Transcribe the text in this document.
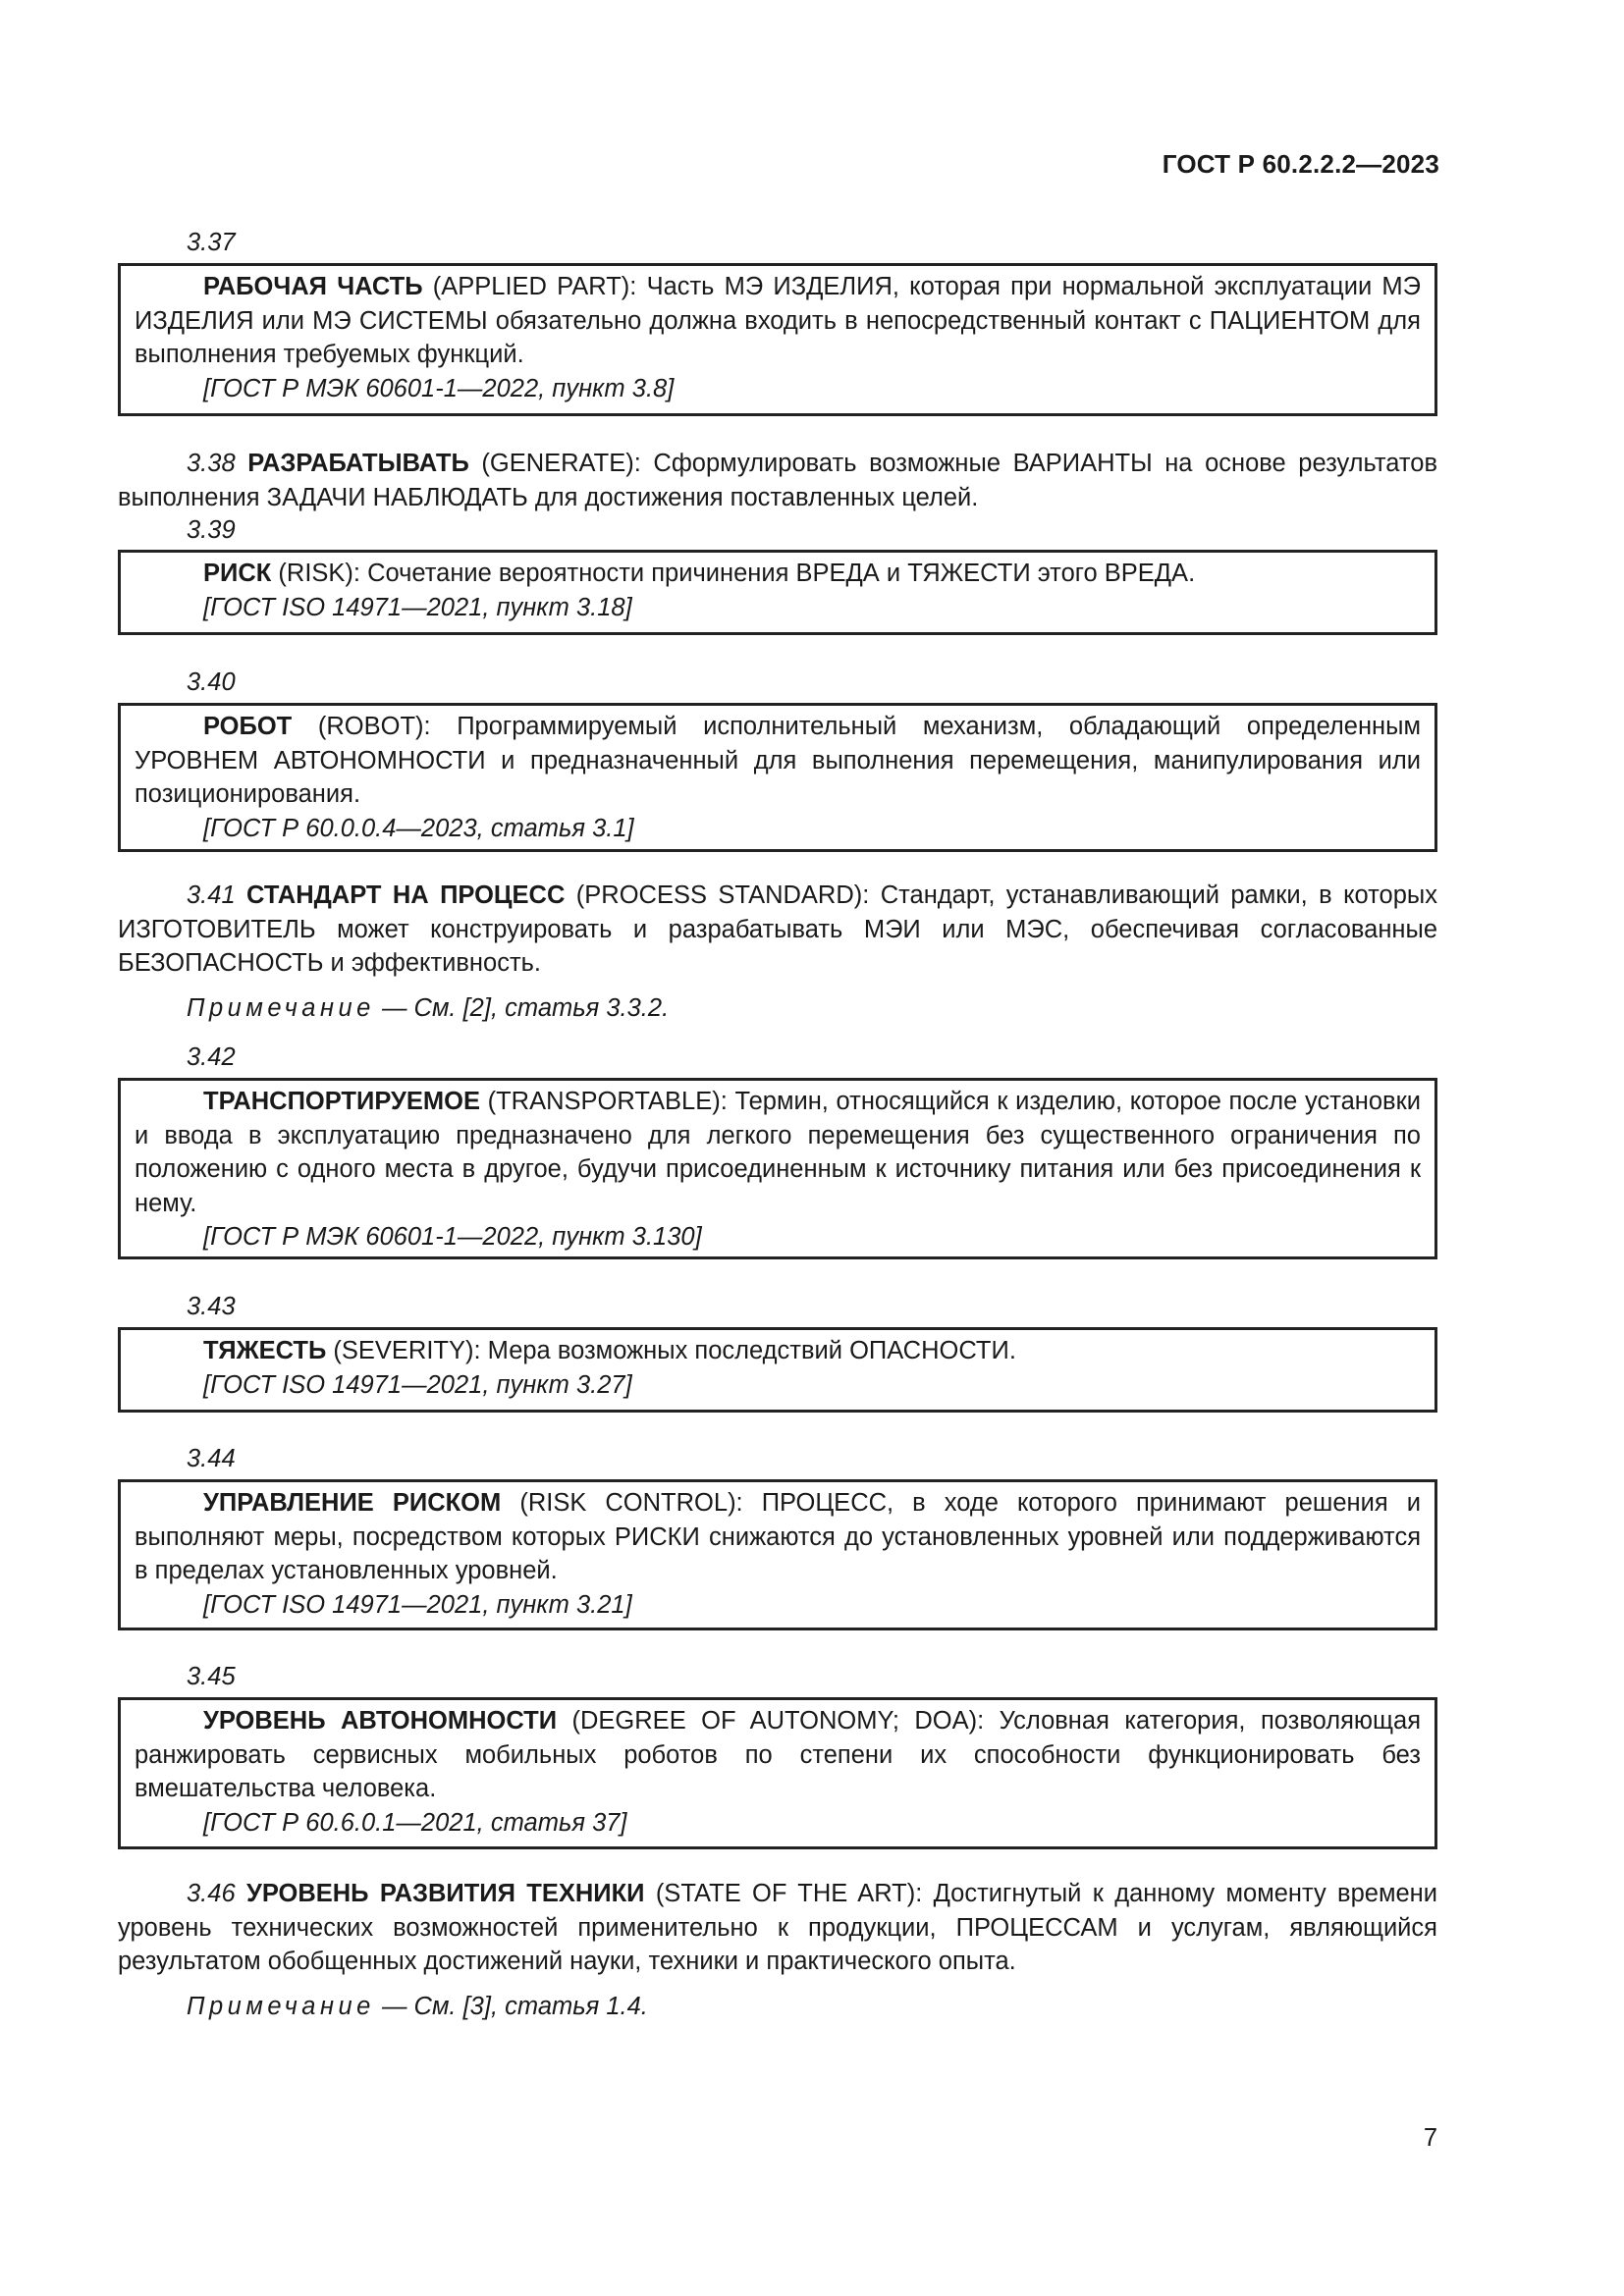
ГОСТ Р 60.2.2.2—2023
3.37

РАБОЧАЯ ЧАСТЬ (APPLIED PART): Часть МЭ ИЗДЕЛИЯ, которая при нормальной эксплуатации МЭ ИЗДЕЛИЯ или МЭ СИСТЕМЫ обязательно должна входить в непосредственный контакт с ПАЦИЕНТОМ для выполнения требуемых функций.

[ГОСТ Р МЭК 60601-1—2022, пункт 3.8]

3.38 РАЗРАБАТЫВАТЬ (GENERATE): Сформулировать возможные ВАРИАНТЫ на основе результатов выполнения ЗАДАЧИ НАБЛЮДАТЬ для достижения поставленных целей.

3.39

РИСК (RISK): Сочетание вероятности причинения ВРЕДА и ТЯЖЕСТИ этого ВРЕДА.

[ГОСТ ISO 14971—2021, пункт 3.18]

3.40

РОБОТ (ROBOT): Программируемый исполнительный механизм, обладающий определенным УРОВНЕМ АВТОНОМНОСТИ и предназначенный для выполнения перемещения, манипулирования или позиционирования.

[ГОСТ Р 60.0.0.4—2023, статья 3.1]

3.41 СТАНДАРТ НА ПРОЦЕСС (PROCESS STANDARD): Стандарт, устанавливающий рамки, в которых ИЗГОТОВИТЕЛЬ может конструировать и разрабатывать МЭИ или МЭС, обеспечивая согласованные БЕЗОПАСНОСТЬ и эффективность.

Примечание — См. [2], статья 3.3.2.
3.42

ТРАНСПОРТИРУЕМОЕ (TRANSPORTABLE): Термин, относящийся к изделию, которое после установки и ввода в эксплуатацию предназначено для легкого перемещения без существенного ограничения по положению с одного места в другое, будучи присоединенным к источнику питания или без присоединения к нему.

[ГОСТ Р МЭК 60601-1—2022, пункт 3.130]

3.43

ТЯЖЕСТЬ (SEVERITY): Мера возможных последствий ОПАСНОСТИ.

[ГОСТ ISO 14971—2021, пункт 3.27]

3.44

УПРАВЛЕНИЕ РИСКОМ (RISK CONTROL): ПРОЦЕСС, в ходе которого принимают решения и выполняют меры, посредством которых РИСКИ снижаются до установленных уровней или поддерживаются в пределах установленных уровней.

[ГОСТ ISO 14971—2021, пункт 3.21]

3.45

УРОВЕНЬ АВТОНОМНОСТИ (DEGREE OF AUTONOMY; DOA): Условная категория, позволяющая ранжировать сервисных мобильных роботов по степени их способности функционировать без вмешательства человека.

[ГОСТ Р 60.6.0.1—2021, статья 37]

3.46 УРОВЕНЬ РАЗВИТИЯ ТЕХНИКИ (STATE OF THE ART): Достигнутый к данному моменту времени уровень технических возможностей применительно к продукции, ПРОЦЕССАМ и услугам, являющийся результатом обобщенных достижений науки, техники и практического опыта.

Примечание — См. [3], статья 1.4.
7
